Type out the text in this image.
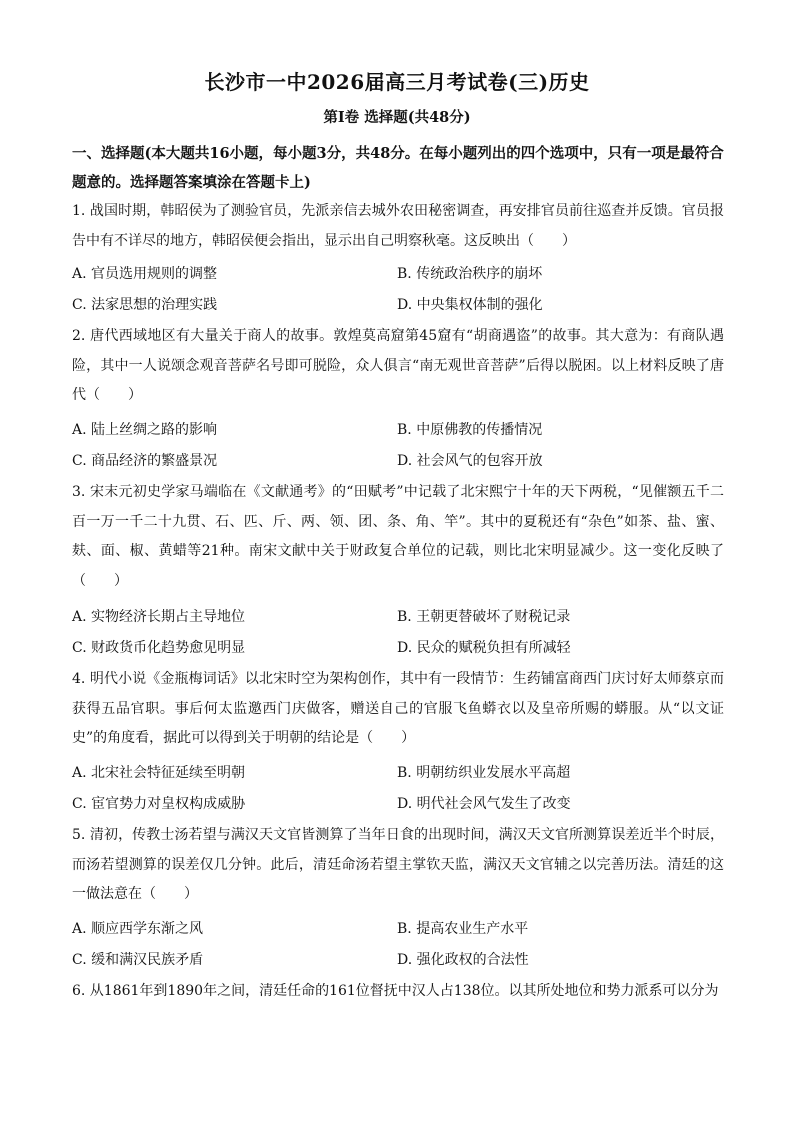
长沙市一中2026届高三月考试卷(三)历史
第Ⅰ卷 选择题(共48分)
一、选择题(本大题共16小题，每小题3分，共48分。在每小题列出的四个选项中，只有一项是最符合题意的。选择题答案填涂在答题卡上)
1. 战国时期，韩昭侯为了测验官员，先派亲信去城外农田秘密调查，再安排官员前往巡查并反馈。官员报告中有不详尽的地方，韩昭侯便会指出，显示出自己明察秋毫。这反映出（　　）
A. 官员选用规则的调整	B. 传统政治秩序的崩坏
C. 法家思想的治理实践	D. 中央集权体制的强化
2. 唐代西域地区有大量关于商人的故事。敦煌莫高窟第45窟有“胡商遇盗”的故事。其大意为：有商队遇险，其中一人说颂念观音菩萨名号即可脱险，众人俱言“南无观世音菩萨”后得以脱困。以上材料反映了唐代（　　）
A. 陆上丝绸之路的影响	B. 中原佛教的传播情况
C. 商品经济的繁盛景况	D. 社会风气的包容开放
3. 宋末元初史学家马端临在《文献通考》的“田赋考”中记载了北宋熙宁十年的天下两税，“见催额五千二百一万一千二十九贯、石、匹、斤、两、领、团、条、角、竿”。其中的夏税还有“杂色”如茶、盐、蜜、麸、面、椒、黄蜡等21种。南宋文献中关于财政复合单位的记载，则比北宋明显减少。这一变化反映了（　　）
A. 实物经济长期占主导地位	B. 王朝更替破坏了财税记录
C. 财政货币化趋势愈见明显	D. 民众的赋税负担有所减轻
4. 明代小说《金瓶梅词话》以北宋时空为架构创作，其中有一段情节：生药铺富商西门庆讨好太师蔡京而获得五品官职。事后何太监邀西门庆做客，赠送自己的官服飞鱼蟒衣以及皇帝所赐的蟒服。从“以文证史”的角度看，据此可以得到关于明朝的结论是（　　）
A. 北宋社会特征延续至明朝	B. 明朝纺织业发展水平高超
C. 宦官势力对皇权构成威胁	D. 明代社会风气发生了改变
5. 清初，传教士汤若望与满汉天文官皆测算了当年日食的出现时间，满汉天文官所测算误差近半个时辰，而汤若望测算的误差仅几分钟。此后，清廷命汤若望主掌钦天监，满汉天文官辅之以完善历法。清廷的这一做法意在（　　）
A. 顺应西学东渐之风	B. 提高农业生产水平
C. 缓和满汉民族矛盾	D. 强化政权的合法性
6. 从1861年到1890年之间，清廷任命的161位督抚中汉人占138位。以其所处地位和势力派系可以分为
